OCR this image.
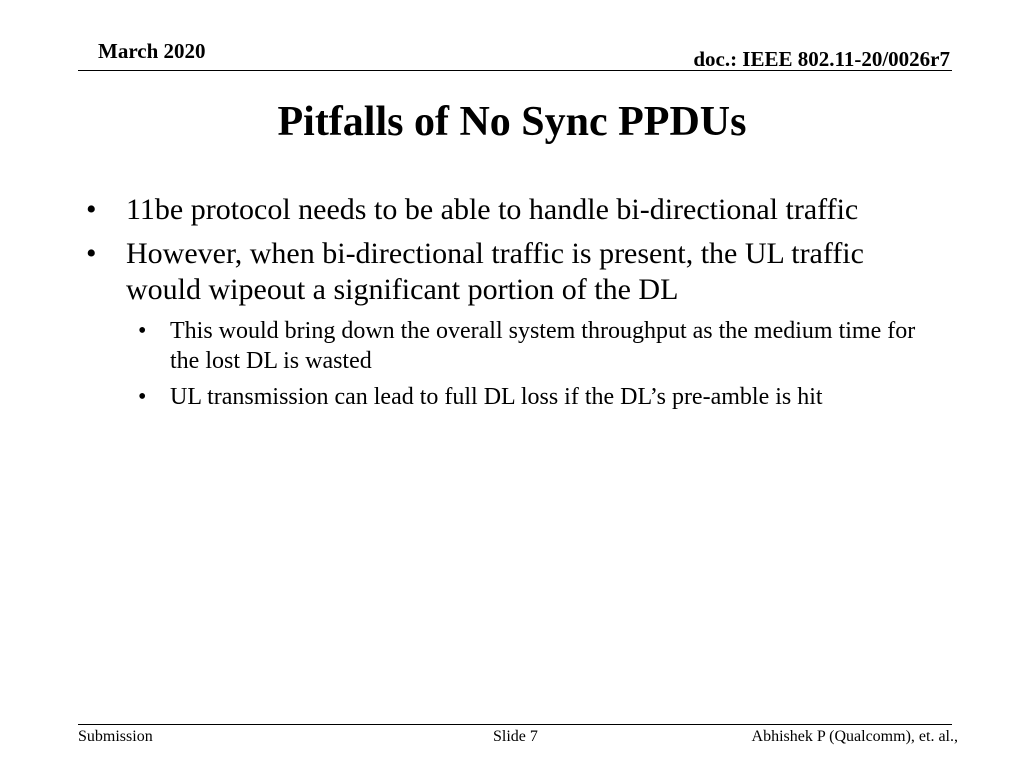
March 2020	doc.: IEEE 802.11-20/0026r7
Pitfalls of No Sync PPDUs
• 11be protocol needs to be able to handle bi-directional traffic
• However, when bi-directional traffic is present, the UL traffic would wipeout a significant portion of the DL
• This would bring down the overall system throughput as the medium time for the lost DL is wasted
• UL transmission can lead to full DL loss if the DL’s pre-amble is hit
Submission	Slide 7	Abhishek P (Qualcomm), et. al.,
